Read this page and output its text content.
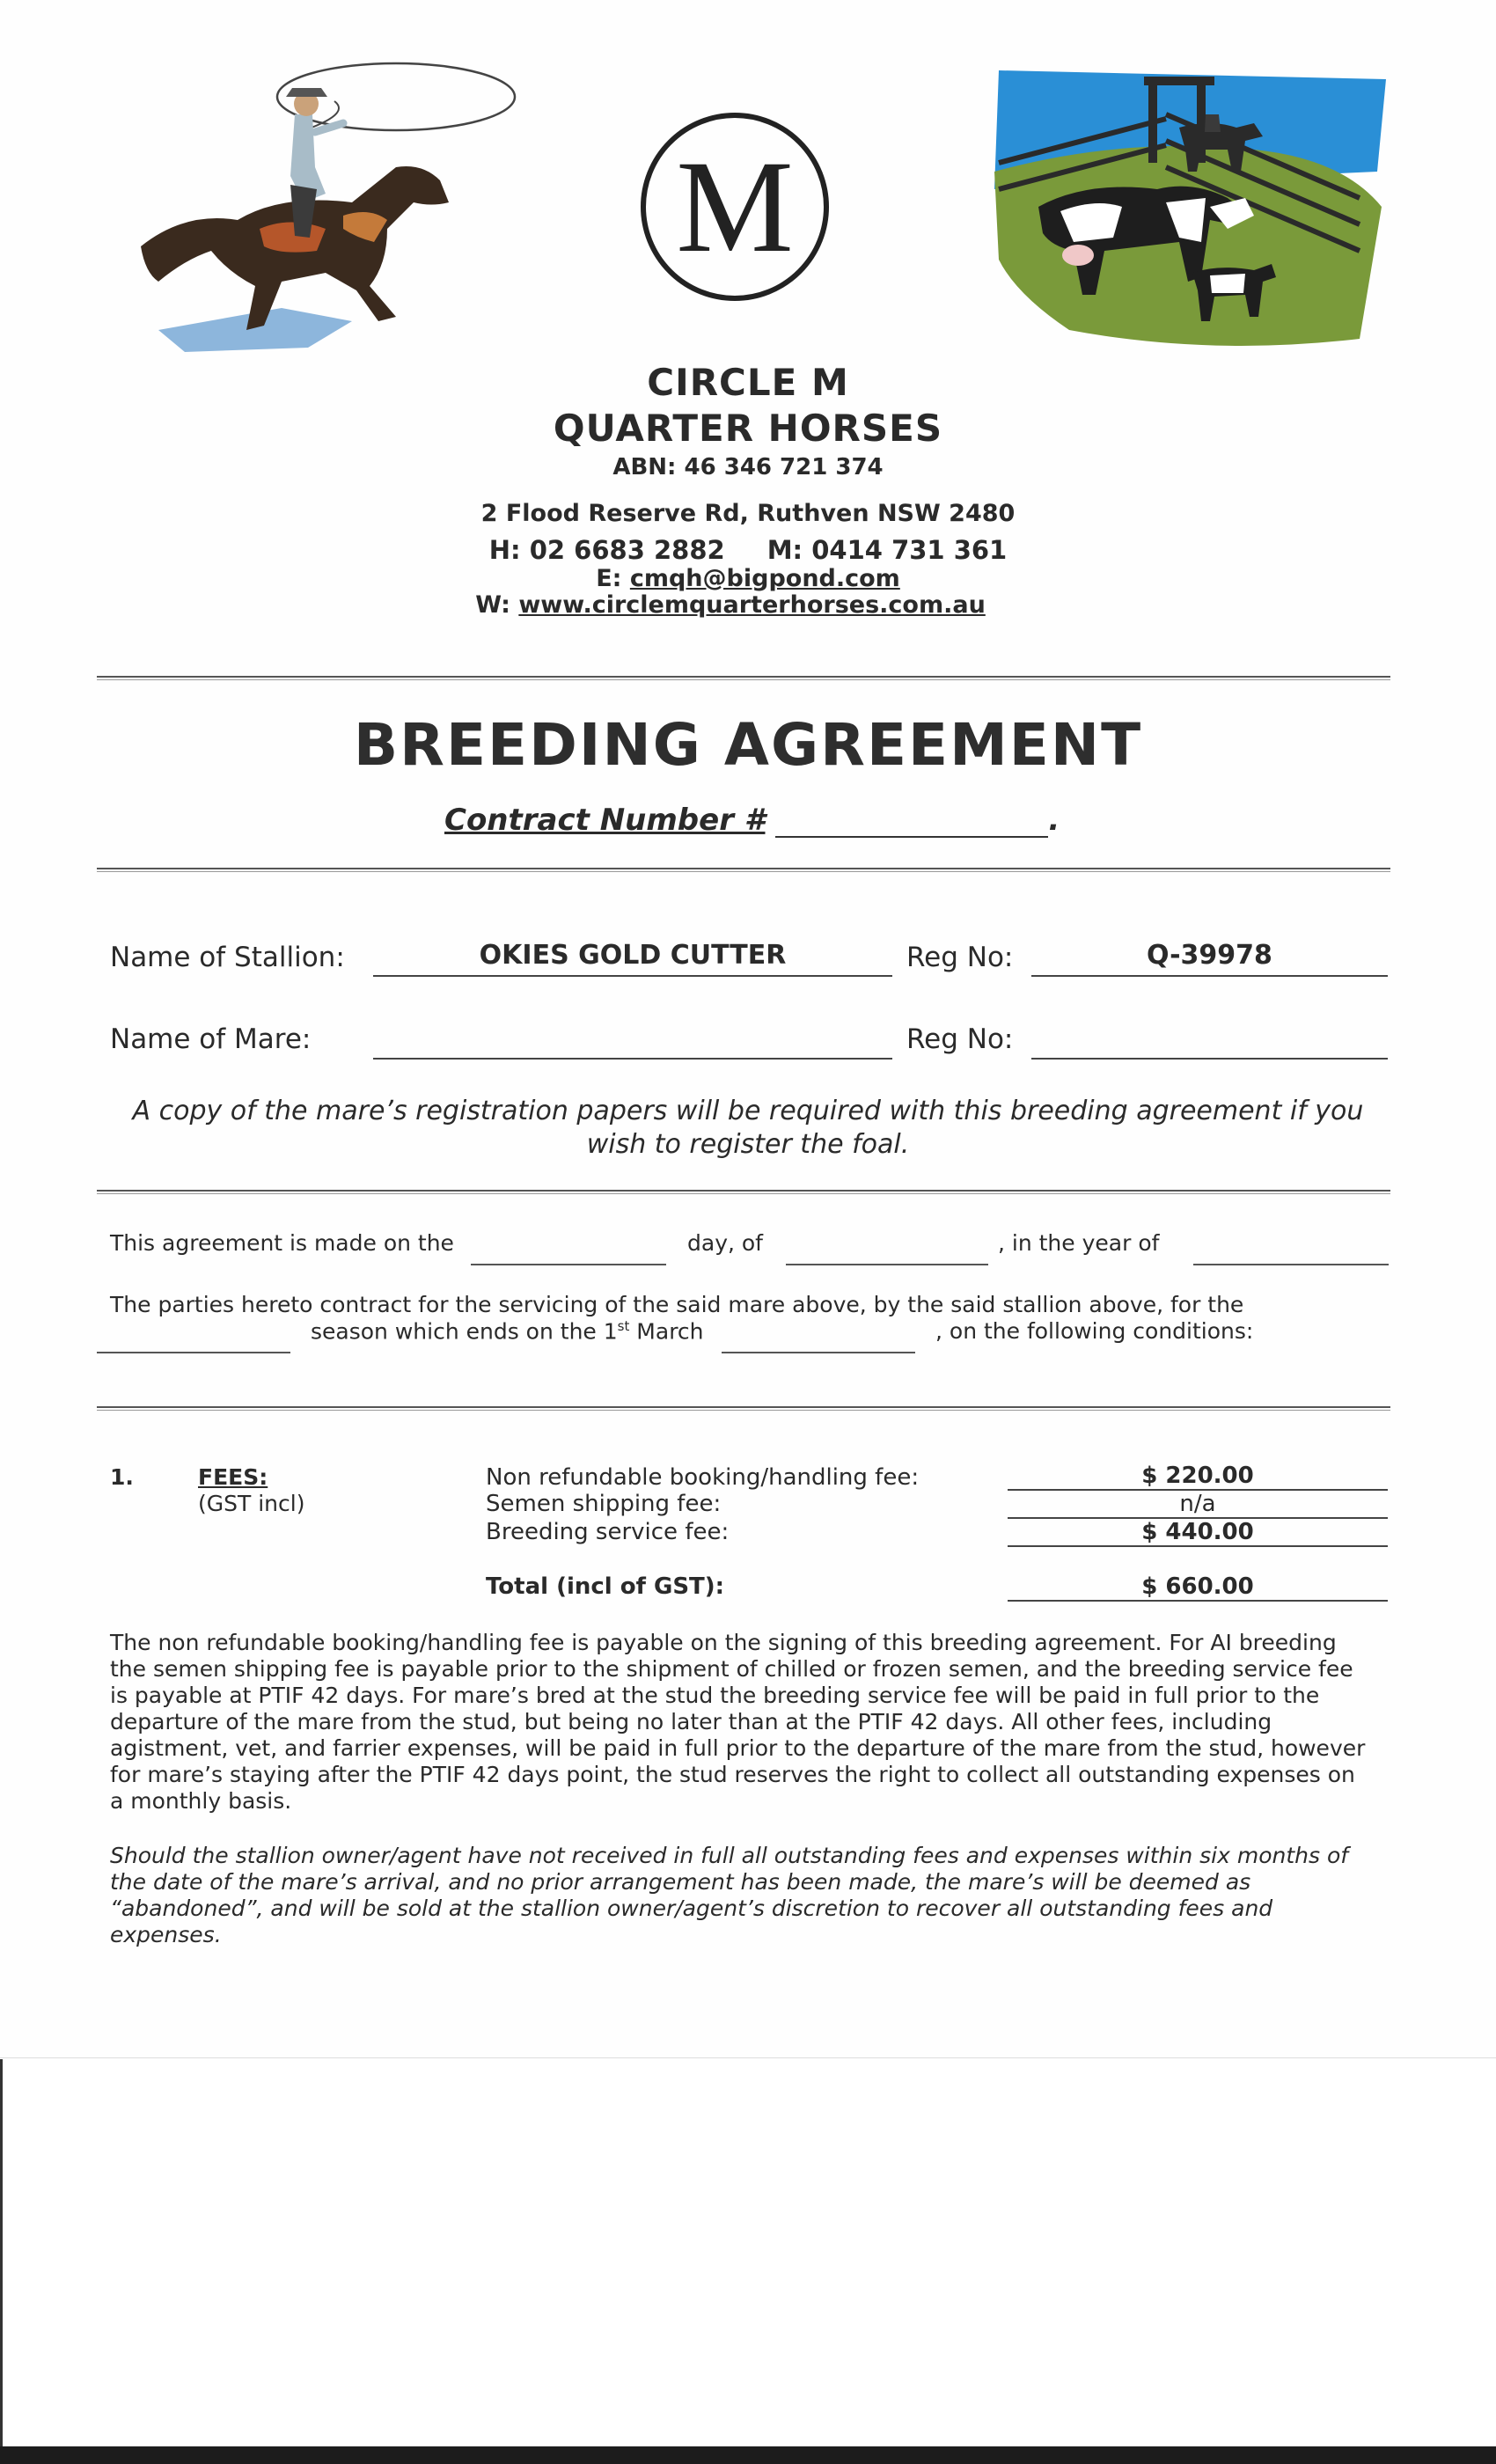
M
CIRCLE M
QUARTER HORSES
ABN: 46 346 721 374
2 Flood Reserve Rd, Ruthven NSW 2480
H: 02 6683 2882 M: 0414 731 361
E: cmqh@bigpond.com
W: www.circlemquarterhorses.com.au
BREEDING AGREEMENT
Contract Number #	.
Name of Stallion:	OKIES GOLD CUTTER	Reg No:	Q-39978
Name of Mare:	Reg No:
A copy of the mare’s registration papers will be required with this breeding agreement if you wish to register the foal.
This agreement is made on the	day, of	, in the year of
The parties hereto contract for the servicing of the said mare above, by the said stallion above, for the
season which ends on the 1st March	, on the following conditions:
1.	FEES:
(GST incl)
Non refundable booking/handling fee:	$ 220.00
Semen shipping fee:	n/a
Breeding service fee:	$ 440.00
Total (incl of GST):	$ 660.00
The non refundable booking/handling fee is payable on the signing of this breeding agreement. For AI breeding the semen shipping fee is payable prior to the shipment of chilled or frozen semen, and the breeding service fee is payable at PTIF 42 days. For mare’s bred at the stud the breeding service fee will be paid in full prior to the departure of the mare from the stud, but being no later than at the PTIF 42 days. All other fees, including agistment, vet, and farrier expenses, will be paid in full prior to the departure of the mare from the stud, however for mare’s staying after the PTIF 42 days point, the stud reserves the right to collect all outstanding expenses on a monthly basis.
Should the stallion owner/agent have not received in full all outstanding fees and expenses within six months of the date of the mare’s arrival, and no prior arrangement has been made, the mare’s will be deemed as “abandoned”, and will be sold at the stallion owner/agent’s discretion to recover all outstanding fees and expenses.
